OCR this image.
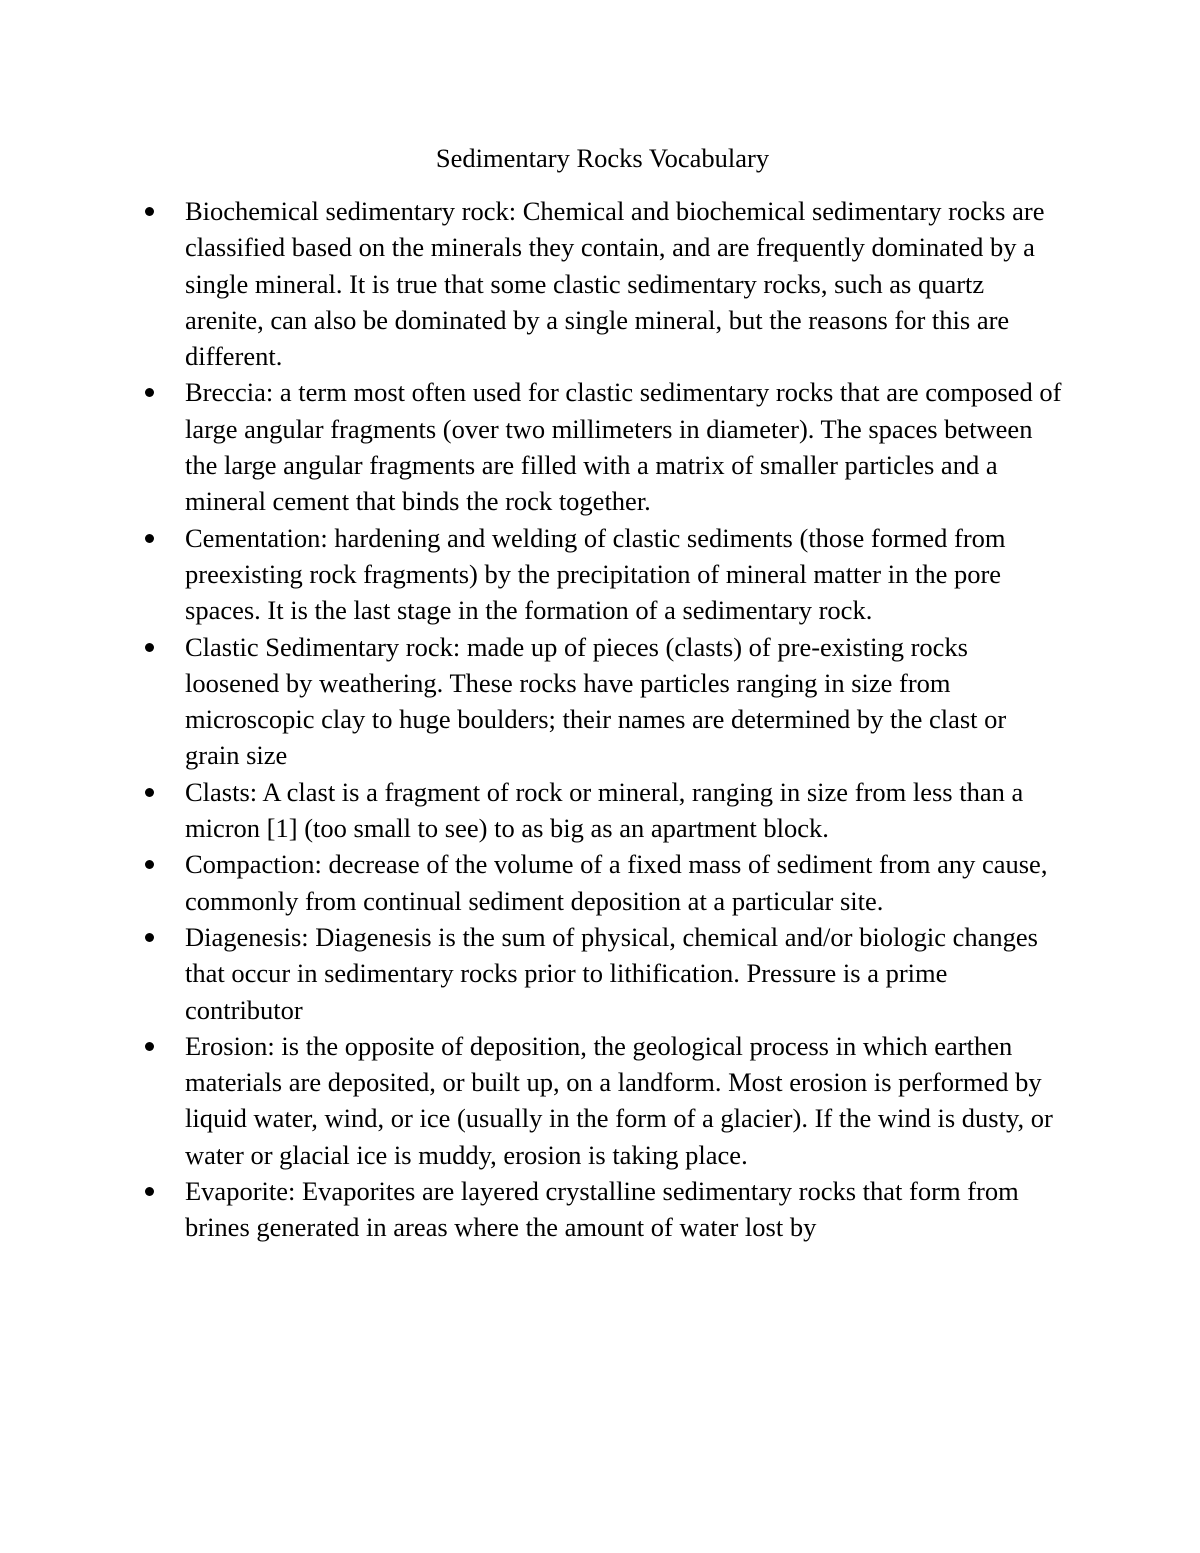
Sedimentary Rocks Vocabulary
Biochemical sedimentary rock: Chemical and biochemical sedimentary rocks are classified based on the minerals they contain, and are frequently dominated by a single mineral. It is true that some clastic sedimentary rocks, such as quartz arenite, can also be dominated by a single mineral, but the reasons for this are different.
Breccia: a term most often used for clastic sedimentary rocks that are composed of large angular fragments (over two millimeters in diameter). The spaces between the large angular fragments are filled with a matrix of smaller particles and a mineral cement that binds the rock together.
Cementation: hardening and welding of clastic sediments (those formed from preexisting rock fragments) by the precipitation of mineral matter in the pore spaces. It is the last stage in the formation of a sedimentary rock.
Clastic Sedimentary rock: made up of pieces (clasts) of pre-existing rocks loosened by weathering. These rocks have particles ranging in size from microscopic clay to huge boulders; their names are determined by the clast or grain size
Clasts: A clast is a fragment of rock or mineral, ranging in size from less than a micron [1] (too small to see) to as big as an apartment block.
Compaction: decrease of the volume of a fixed mass of sediment from any cause, commonly from continual sediment deposition at a particular site.
Diagenesis: Diagenesis is the sum of physical, chemical and/or biologic changes that occur in sedimentary rocks prior to lithification. Pressure is a prime contributor
Erosion: is the opposite of deposition, the geological process in which earthen materials are deposited, or built up, on a landform. Most erosion is performed by liquid water, wind, or ice (usually in the form of a glacier). If the wind is dusty, or water or glacial ice is muddy, erosion is taking place.
Evaporite: Evaporites are layered crystalline sedimentary rocks that form from brines generated in areas where the amount of water lost by
